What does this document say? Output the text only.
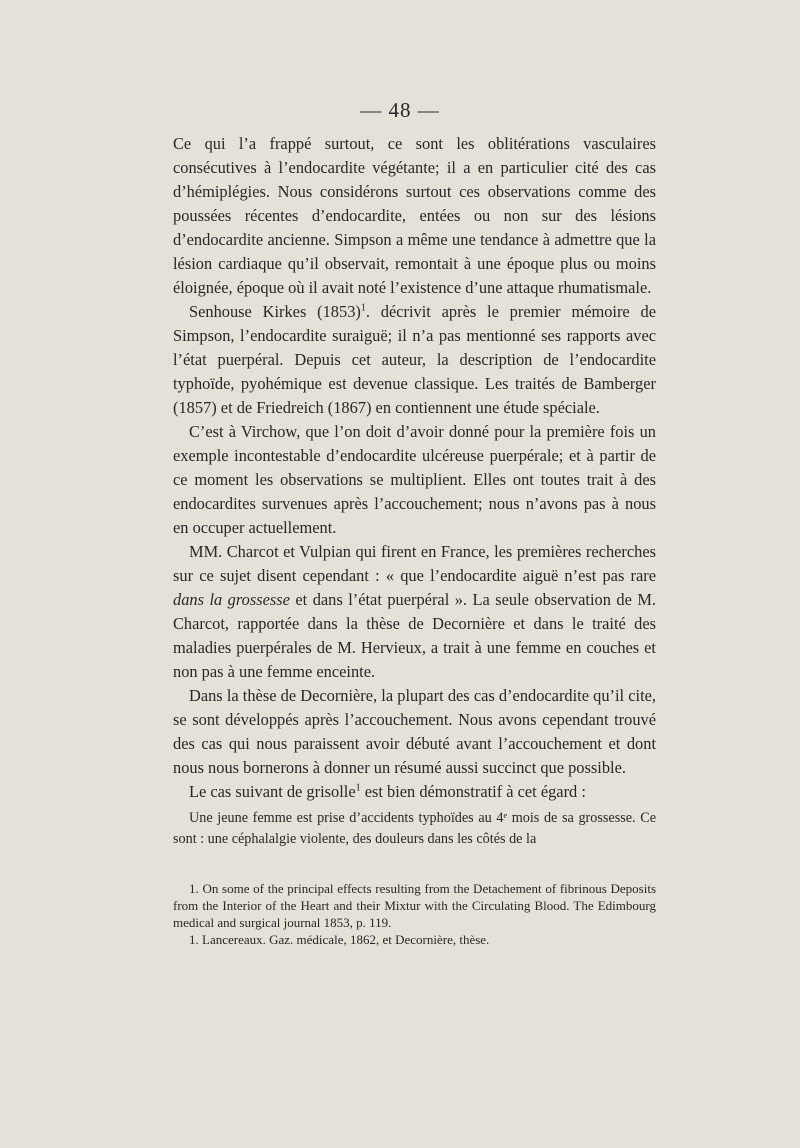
— 48 —

Ce qui l’a frappé surtout, ce sont les oblitérations vasculaires consécutives à l’endocardite végétante; il a en particulier cité des cas d’hémiplégies. Nous considérons surtout ces observations comme des poussées récentes d’endocardite, entées ou non sur des lésions d’endocardite ancienne. Simpson a même une tendance à admettre que la lésion cardiaque qu’il observait, remontait à une époque plus ou moins éloignée, époque où il avait noté l’existence d’une attaque rhumatismale.

Senhouse Kirkes $(1853)^1$. décrivit après le premier mémoire de Simpson, l’endocardite suraiguë; il n’a pas mentionné ses rapports avec l’état puerpéral. Depuis cet auteur, la description de l’endocardite typhoïde, pyohémique est devenue classique. Les traités de Bamberger (1857) et de Friedreich (1867) en contiennent une étude spéciale.

C’est à Virchow, que l’on doit d’avoir donné pour la première fois un exemple incontestable d’endocardite ulcéreuse puerpérale; et à partir de ce moment les observations se multiplient. Elles ont toutes trait à des endocardites survenues après l’accouchement; nous n’avons pas à nous en occuper actuellement.

MM. Charcot et Vulpian qui firent en France, les premières recherches sur ce sujet disent cependant : « que l’endocardite aiguë n’est pas rare dans la grossesse et dans l’état puerpéral ». La seule observation de M. Charcot, rapportée dans la thèse de Decornière et dans le traité des maladies puerpérales de M. Hervieux, a trait à une femme en couches et non pas à une femme enceinte.

Dans la thèse de Decornière, la plupart des cas d’endocardite qu’il cite, se sont développés après l’accouchement. Nous avons cependant trouvé des cas qui nous paraissent avoir débuté avant l’accouchement et dont nous nous bornerons à donner un résumé aussi succinct que possible.

Le cas suivant de grisolle$^1$ est bien démonstratif à cet égard :

Une jeune femme est prise d’accidents typhoïdes au 4ᵉ mois de sa grossesse. Ce sont : une céphalalgie violente, des douleurs dans les côtés de la

1. On some of the principal effects resulting from the Detachement of fibrinous Deposits from the Interior of the Heart and their Mixtur with the Circulating Blood. The Edimbourg medical and surgical journal 1853, p. 119.

1. Lancereaux. Gaz. médicale, 1862, et Decornière, thèse.
